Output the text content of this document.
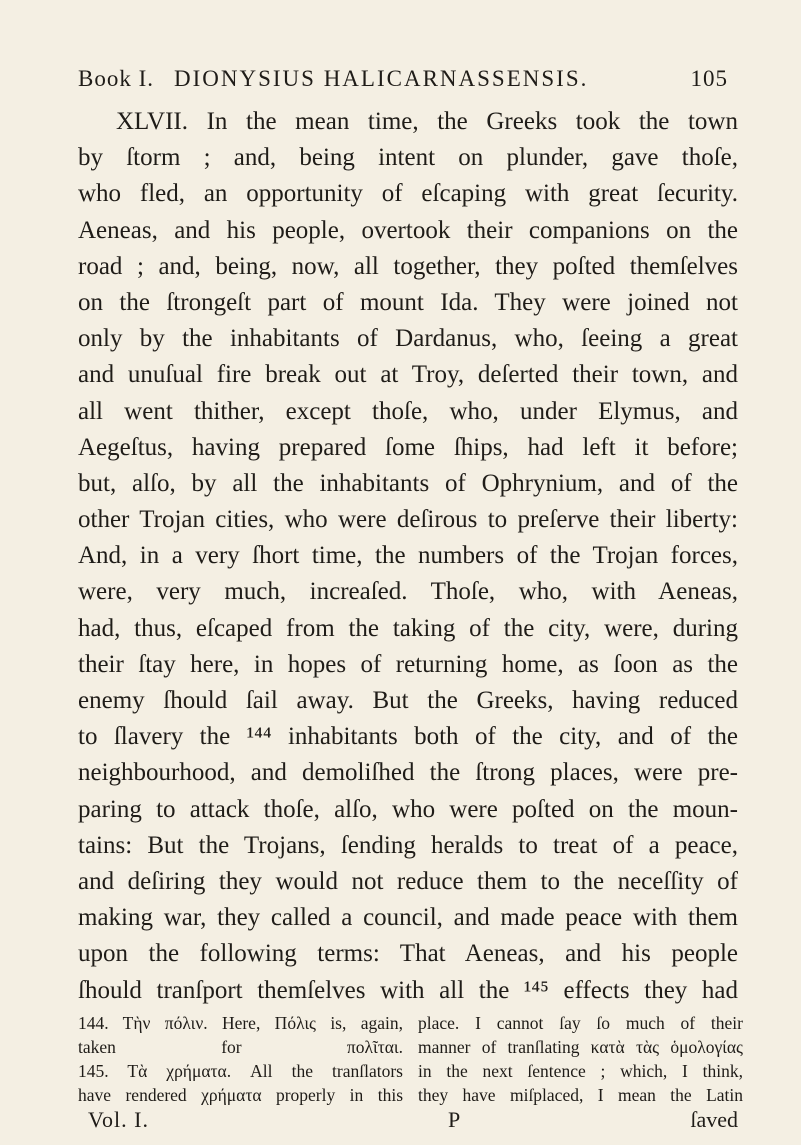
Book I. DIONYSIUS HALICARNASSENSIS.	105
XLVII. In the mean time, the Greeks took the town
by ſtorm ; and, being intent on plunder, gave thoſe,
who fled, an opportunity of eſcaping with great ſecurity.
Aeneas, and his people, overtook their companions on the
road ; and, being, now, all together, they poſted themſelves
on the ſtrongeſt part of mount Ida. They were joined not
only by the inhabitants of Dardanus, who, ſeeing a great
and unuſual fire break out at Troy, deſerted their town, and
all went thither, except thoſe, who, under Elymus, and
Aegeſtus, having prepared ſome ſhips, had left it before;
but, alſo, by all the inhabitants of Ophrynium, and of the
other Trojan cities, who were deſirous to preſerve their liberty:
And, in a very ſhort time, the numbers of the Trojan forces,
were, very much, increaſed. Thoſe, who, with Aeneas,
had, thus, eſcaped from the taking of the city, were, during
their ſtay here, in hopes of returning home, as ſoon as the
enemy ſhould ſail away. But the Greeks, having reduced
to ſlavery the ¹⁴⁴ inhabitants both of the city, and of the
neighbourhood, and demoliſhed the ſtrong places, were pre-
paring to attack thoſe, alſo, who were poſted on the moun-
tains: But the Trojans, ſending heralds to treat of a peace,
and deſiring they would not reduce them to the neceſſity of
making war, they called a council, and made peace with them
upon the following terms: That Aeneas, and his people
ſhould tranſport themſelves with all the ¹⁴⁵ effects they had
144. Τὴν πόλιν. Here, Πόλις is, again,
taken for πολῖται.
145. Τὰ χρήματα. All the tranſlators
have rendered χρήματα properly in this
place. I cannot ſay ſo much of their
manner of tranſlating κατὰ τὰς ὁμολογίας
in the next ſentence ; which, I think,
they have miſplaced, I mean the Latin
Vol. I.	P	ſaved
